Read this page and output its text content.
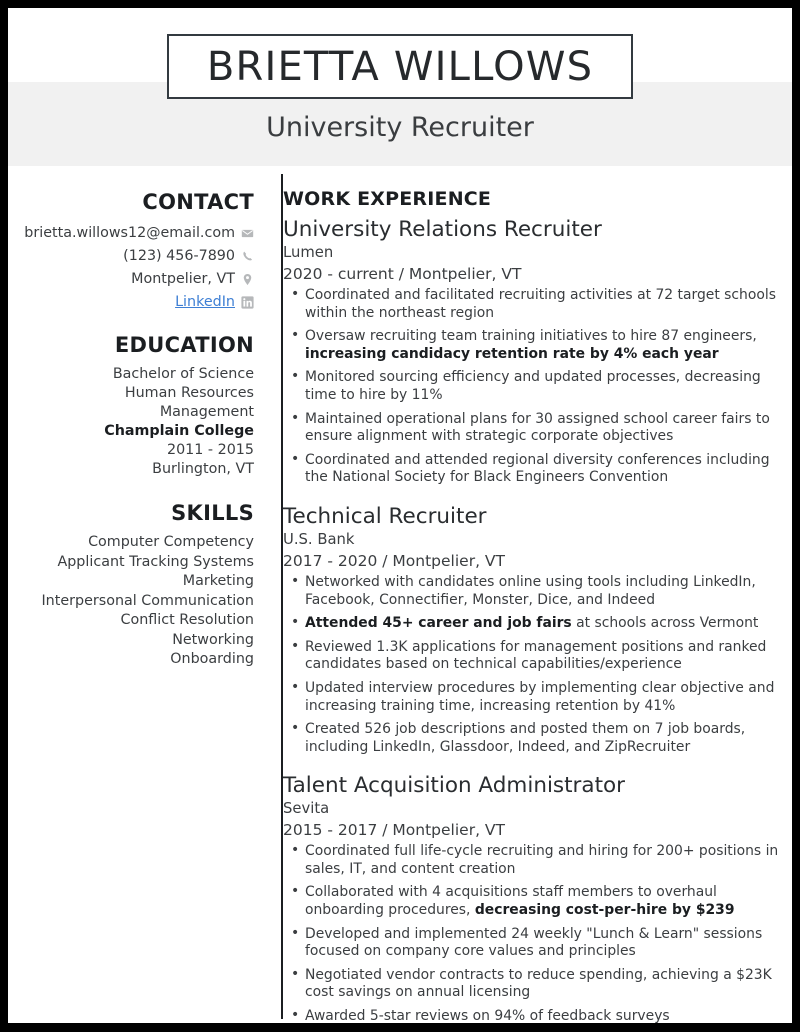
BRIETTA WILLOWS
University Recruiter
CONTACT
brietta.willows12@email.com
(123) 456-7890
Montpelier, VT
LinkedIn
EDUCATION
Bachelor of Science
Human Resources
Management
Champlain College
2011 - 2015
Burlington, VT
SKILLS
Computer Competency
Applicant Tracking Systems
Marketing
Interpersonal Communication
Conflict Resolution
Networking
Onboarding
WORK EXPERIENCE
University Relations Recruiter
Lumen
2020 - current / Montpelier, VT
• Coordinated and facilitated recruiting activities at 72 target schools within the northeast region
• Oversaw recruiting team training initiatives to hire 87 engineers, increasing candidacy retention rate by 4% each year
• Monitored sourcing efficiency and updated processes, decreasing time to hire by 11%
• Maintained operational plans for 30 assigned school career fairs to ensure alignment with strategic corporate objectives
• Coordinated and attended regional diversity conferences including the National Society for Black Engineers Convention
Technical Recruiter
U.S. Bank
2017 - 2020 / Montpelier, VT
• Networked with candidates online using tools including LinkedIn, Facebook, Connectifier, Monster, Dice, and Indeed
• Attended 45+ career and job fairs at schools across Vermont
• Reviewed 1.3K applications for management positions and ranked candidates based on technical capabilities/experience
• Updated interview procedures by implementing clear objective and increasing training time, increasing retention by 41%
• Created 526 job descriptions and posted them on 7 job boards, including LinkedIn, Glassdoor, Indeed, and ZipRecruiter
Talent Acquisition Administrator
Sevita
2015 - 2017 / Montpelier, VT
• Coordinated full life-cycle recruiting and hiring for 200+ positions in sales, IT, and content creation
• Collaborated with 4 acquisitions staff members to overhaul onboarding procedures, decreasing cost-per-hire by $239
• Developed and implemented 24 weekly "Lunch & Learn" sessions focused on company core values and principles
• Negotiated vendor contracts to reduce spending, achieving a $23K cost savings on annual licensing
• Awarded 5-star reviews on 94% of feedback surveys
